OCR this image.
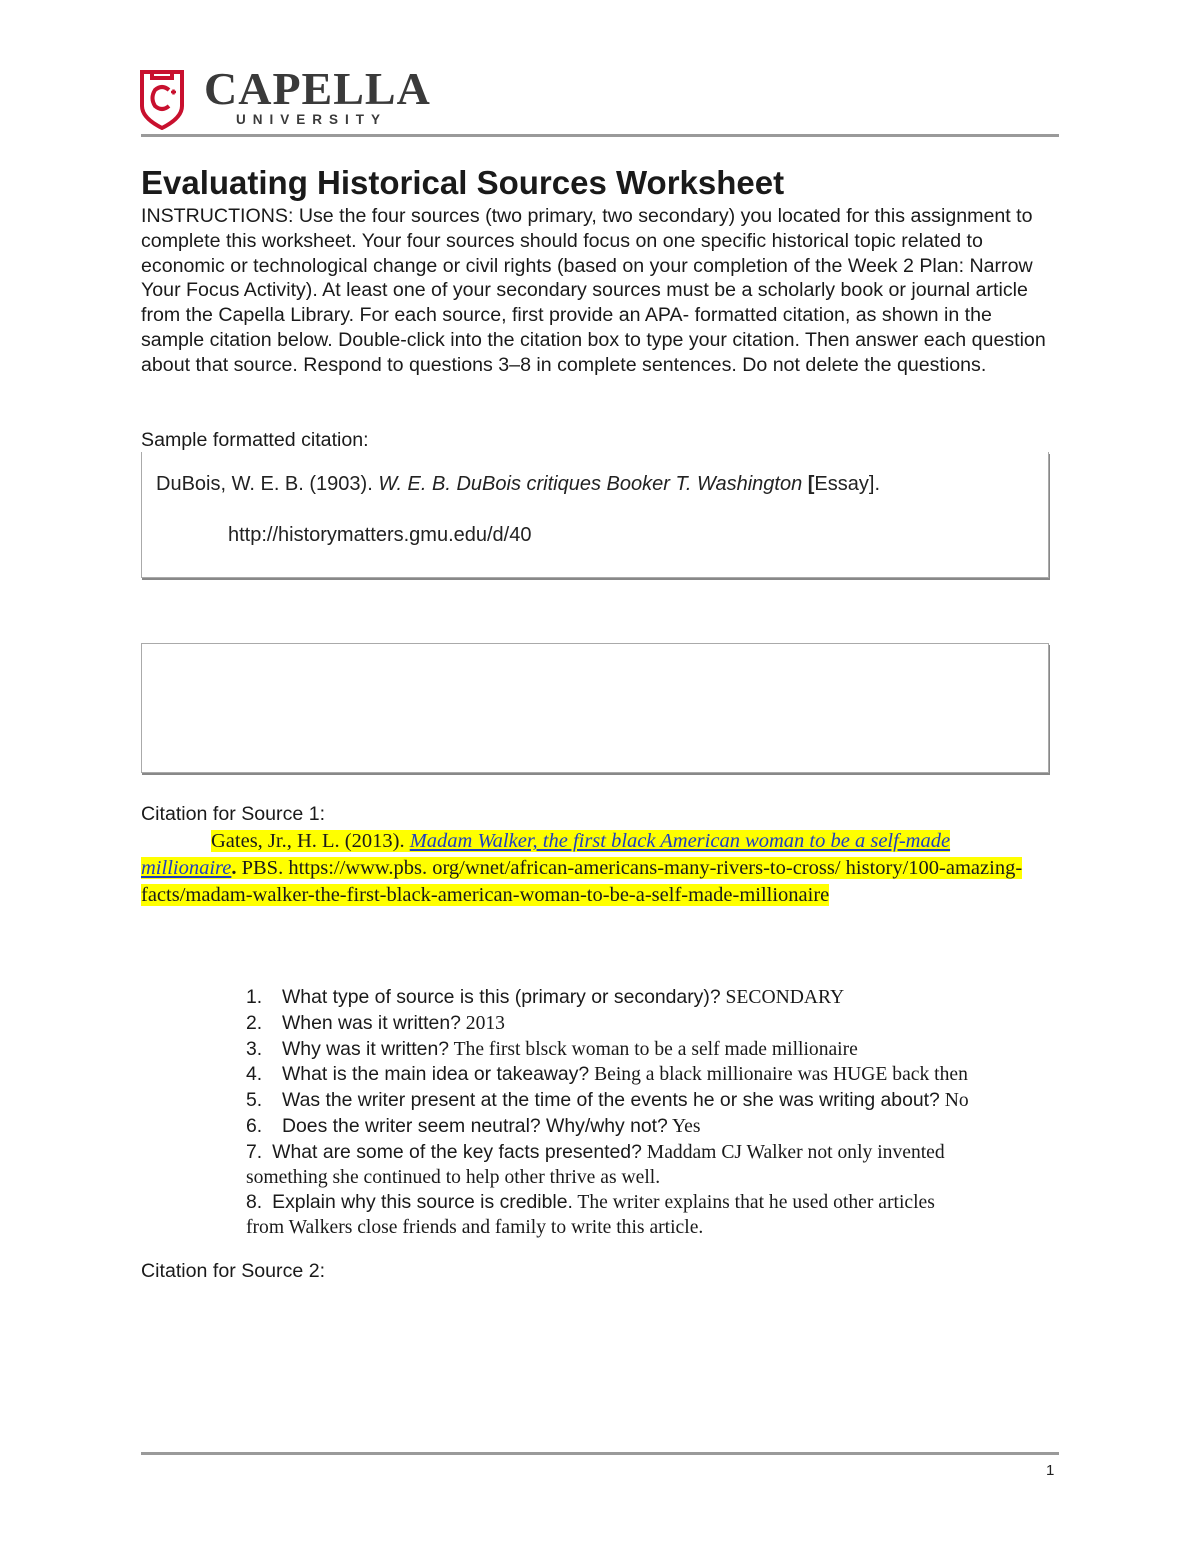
CAPELLA
UNIVERSITY
Evaluating Historical Sources Worksheet
INSTRUCTIONS: Use the four sources (two primary, two secondary) you located for this assignment to complete this worksheet. Your four sources should focus on one specific historical topic related to economic or technological change or civil rights (based on your completion of the Week 2 Plan: Narrow Your Focus Activity). At least one of your secondary sources must be a scholarly book or journal article from the Capella Library. For each source, first provide an APA- formatted citation, as shown in the sample citation below. Double-click into the citation box to type your citation. Then answer each question about that source. Respond to questions 3–8 in complete sentences. Do not delete the questions.
Sample formatted citation:
DuBois, W. E. B. (1903). W. E. B. DuBois critiques Booker T. Washington [Essay].
http://historymatters.gmu.edu/d/40
Citation for Source 1:
Gates, Jr., H. L. (2013). Madam Walker, the first black American woman to be a self-made millionaire. PBS. https://www.pbs. org/wnet/african-americans-many-rivers-to-cross/ history/100-amazing-facts/madam-walker-the-first-black-american-woman-to-be-a-self-made-millionaire
1. What type of source is this (primary or secondary)? SECONDARY
2. When was it written? 2013
3. Why was it written? The first blsck woman to be a self made millionaire
4. What is the main idea or takeaway? Being a black millionaire was HUGE back then
5. Was the writer present at the time of the events he or she was writing about? No
6. Does the writer seem neutral? Why/why not? Yes
7. What are some of the key facts presented? Maddam CJ Walker not only invented
something she continued to help other thrive as well.
8. Explain why this source is credible. The writer explains that he used other articles
from Walkers close friends and family to write this article.
Citation for Source 2:
1
